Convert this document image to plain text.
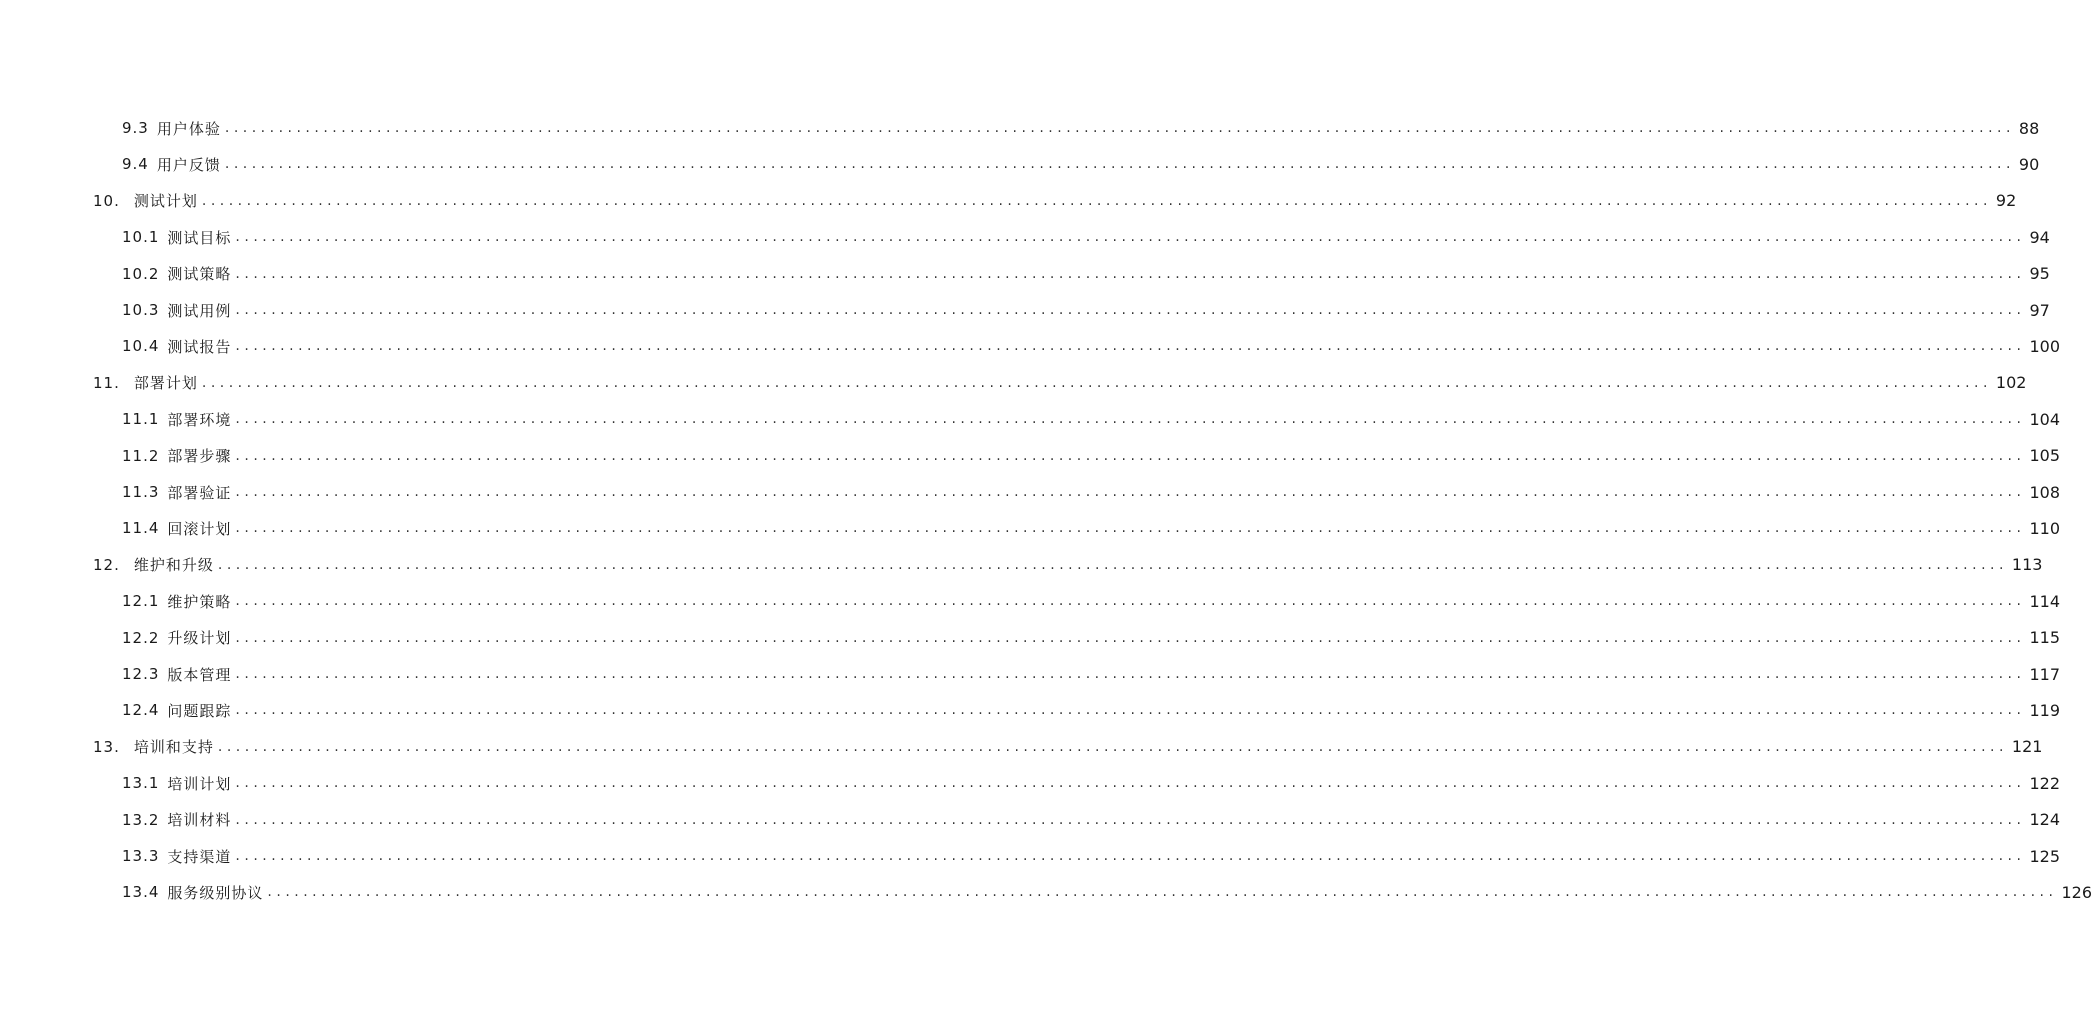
9.3 用户体验 ........................................................................................................................................................................................................ 88
9.4 用户反馈 ........................................................................................................................................................................................................ 90
10. 测试计划 ........................................................................................................................................................................................................ 92
10.1 测试目标 ........................................................................................................................................................................................................ 94
10.2 测试策略 ........................................................................................................................................................................................................ 95
10.3 测试用例 ........................................................................................................................................................................................................ 97
10.4 测试报告 ........................................................................................................................................................................................................ 100
11. 部署计划 ........................................................................................................................................................................................................ 102
11.1 部署环境 ........................................................................................................................................................................................................ 104
11.2 部署步骤 ........................................................................................................................................................................................................ 105
11.3 部署验证 ........................................................................................................................................................................................................ 108
11.4 回滚计划 ........................................................................................................................................................................................................ 110
12. 维护和升级 ........................................................................................................................................................................................................ 113
12.1 维护策略 ........................................................................................................................................................................................................ 114
12.2 升级计划 ........................................................................................................................................................................................................ 115
12.3 版本管理 ........................................................................................................................................................................................................ 117
12.4 问题跟踪 ........................................................................................................................................................................................................ 119
13. 培训和支持 ........................................................................................................................................................................................................ 121
13.1 培训计划 ........................................................................................................................................................................................................ 122
13.2 培训材料 ........................................................................................................................................................................................................ 124
13.3 支持渠道 ........................................................................................................................................................................................................ 125
13.4 服务级别协议 ........................................................................................................................................................................................................ 126
